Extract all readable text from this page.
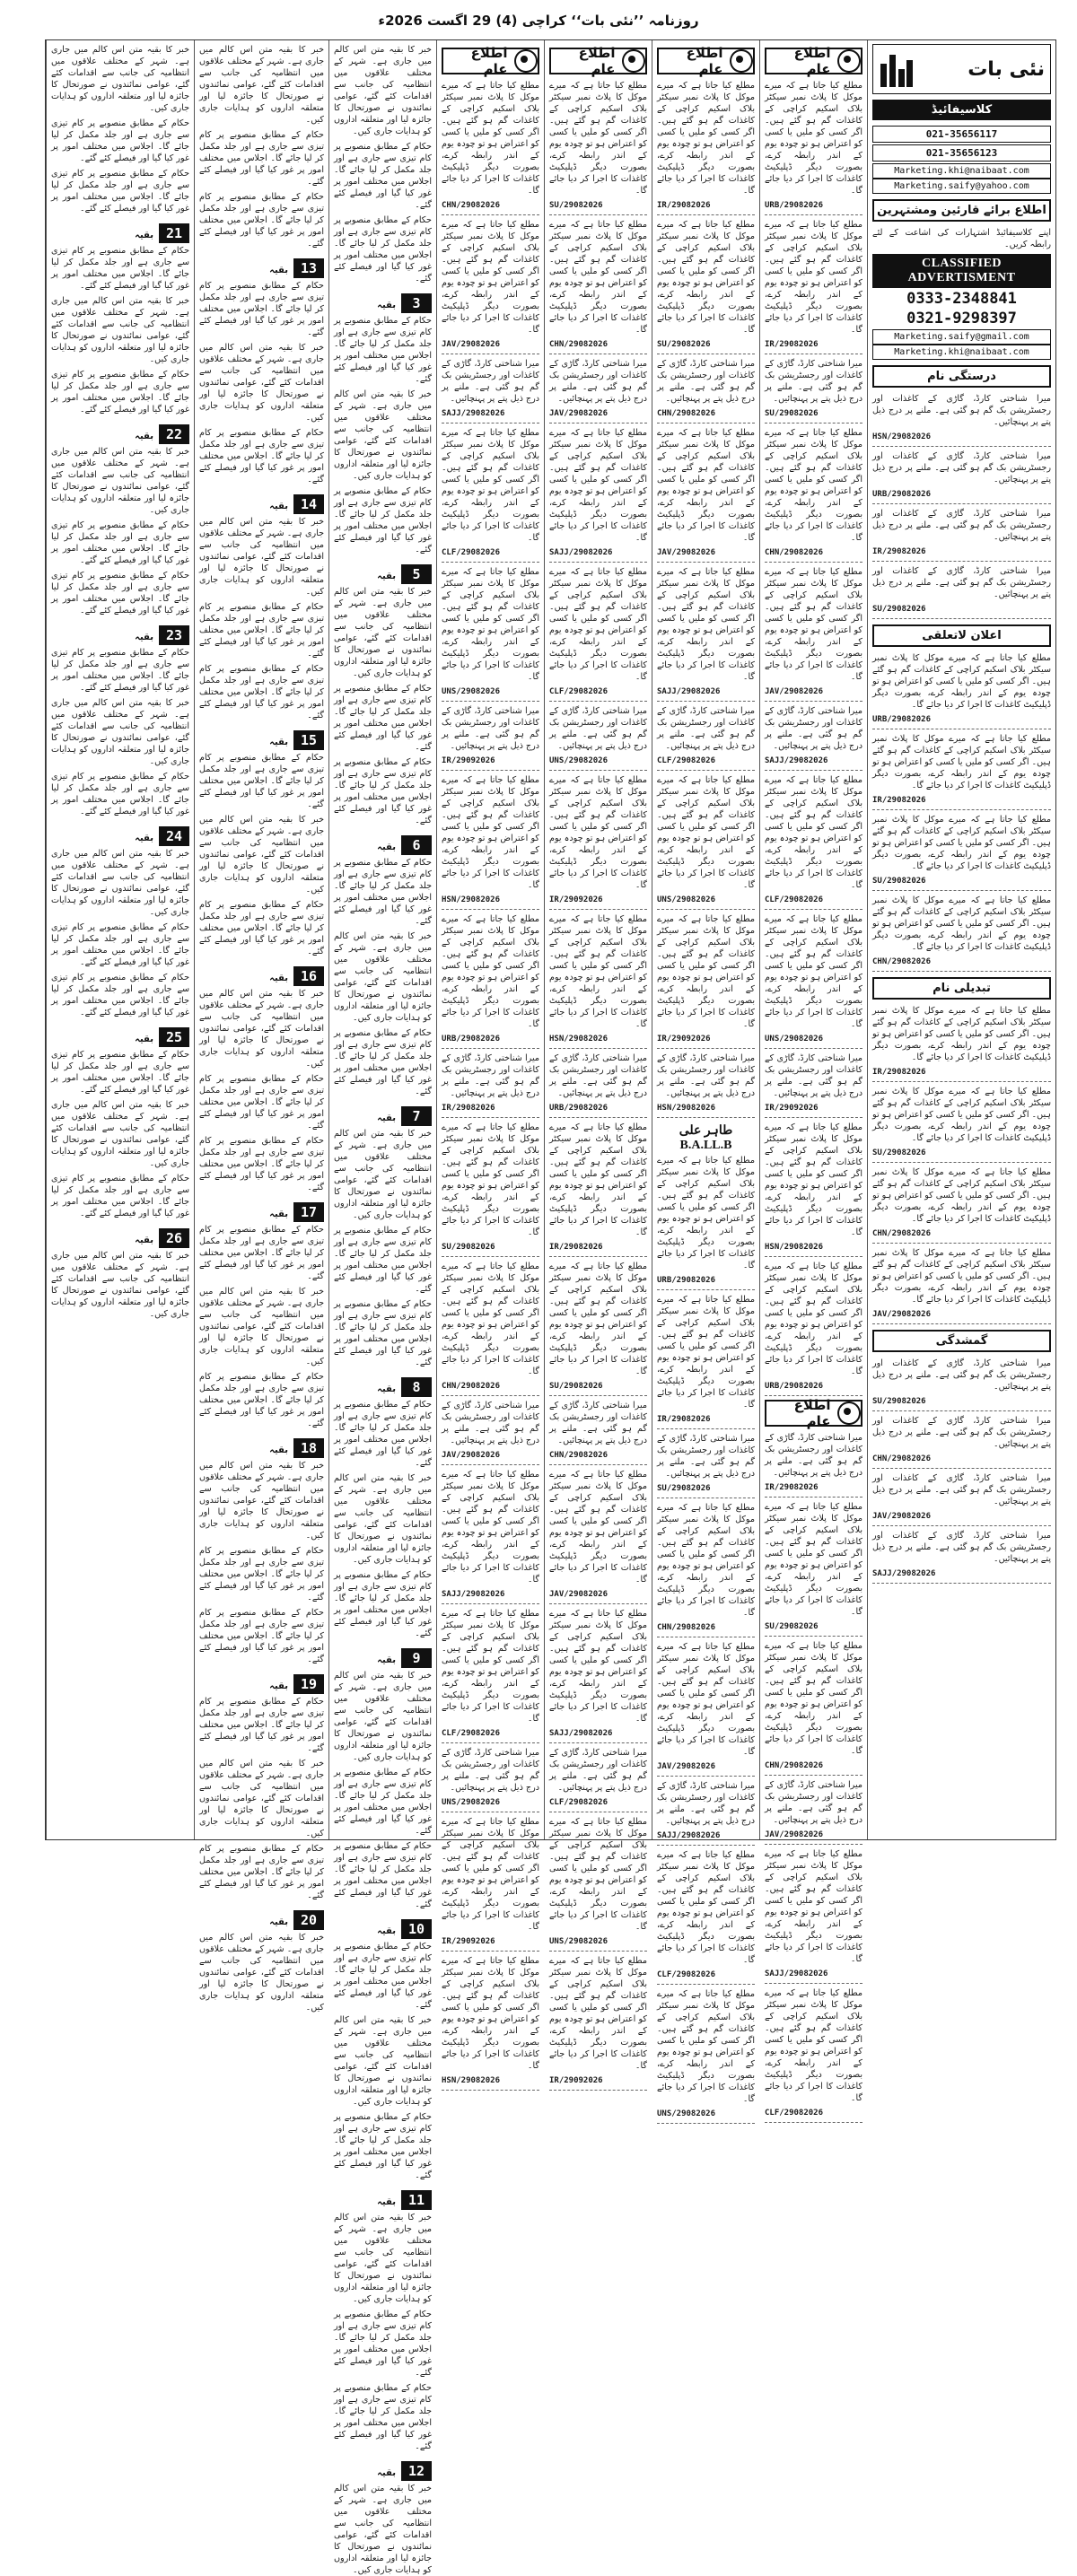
روزنامہ ’’نئی بات‘‘ کراچی (4) 29 اگست 2026ء
نئی بات
کلاسیفائیڈ
021-35656117
021-35656123
Marketing.khi@naibaat.com
Marketing.saify@yahoo.com
اطلاع برائے قارئین ومشتہرین

اپنے کلاسیفائیڈ اشتہارات کی اشاعت کے لئے رابطہ کریں۔

CLASSIFIED ADVERTISMENT
0333-2348841
0321-9298397
Marketing.saify@gmail.com
Marketing.khi@naibaat.com
درستگی نام

میرا شناختی کارڈ، گاڑی کے کاغذات اور رجسٹریشن بک گم ہو گئی ہے۔ ملنے پر درج ذیل پتے پر پہنچائیں۔

HSN/29082026

میرا شناختی کارڈ، گاڑی کے کاغذات اور رجسٹریشن بک گم ہو گئی ہے۔ ملنے پر درج ذیل پتے پر پہنچائیں۔

URB/29082026

میرا شناختی کارڈ، گاڑی کے کاغذات اور رجسٹریشن بک گم ہو گئی ہے۔ ملنے پر درج ذیل پتے پر پہنچائیں۔

IR/29082026

میرا شناختی کارڈ، گاڑی کے کاغذات اور رجسٹریشن بک گم ہو گئی ہے۔ ملنے پر درج ذیل پتے پر پہنچائیں۔

SU/29082026
اعلان لاتعلقی

مطلع کیا جاتا ہے کہ میرے موکل کا پلاٹ نمبر سیکٹر بلاک اسکیم کراچی کے کاغذات گم ہو گئے ہیں۔ اگر کسی کو ملیں یا کسی کو اعتراض ہو تو چودہ یوم کے اندر رابطہ کرے، بصورت دیگر ڈپلیکیٹ کاغذات کا اجرا کر دیا جائے گا۔

URB/29082026

مطلع کیا جاتا ہے کہ میرے موکل کا پلاٹ نمبر سیکٹر بلاک اسکیم کراچی کے کاغذات گم ہو گئے ہیں۔ اگر کسی کو ملیں یا کسی کو اعتراض ہو تو چودہ یوم کے اندر رابطہ کرے، بصورت دیگر ڈپلیکیٹ کاغذات کا اجرا کر دیا جائے گا۔

IR/29082026

مطلع کیا جاتا ہے کہ میرے موکل کا پلاٹ نمبر سیکٹر بلاک اسکیم کراچی کے کاغذات گم ہو گئے ہیں۔ اگر کسی کو ملیں یا کسی کو اعتراض ہو تو چودہ یوم کے اندر رابطہ کرے، بصورت دیگر ڈپلیکیٹ کاغذات کا اجرا کر دیا جائے گا۔

SU/29082026

مطلع کیا جاتا ہے کہ میرے موکل کا پلاٹ نمبر سیکٹر بلاک اسکیم کراچی کے کاغذات گم ہو گئے ہیں۔ اگر کسی کو ملیں یا کسی کو اعتراض ہو تو چودہ یوم کے اندر رابطہ کرے، بصورت دیگر ڈپلیکیٹ کاغذات کا اجرا کر دیا جائے گا۔

CHN/29082026
تبدیلی نام

مطلع کیا جاتا ہے کہ میرے موکل کا پلاٹ نمبر سیکٹر بلاک اسکیم کراچی کے کاغذات گم ہو گئے ہیں۔ اگر کسی کو ملیں یا کسی کو اعتراض ہو تو چودہ یوم کے اندر رابطہ کرے، بصورت دیگر ڈپلیکیٹ کاغذات کا اجرا کر دیا جائے گا۔

IR/29082026

مطلع کیا جاتا ہے کہ میرے موکل کا پلاٹ نمبر سیکٹر بلاک اسکیم کراچی کے کاغذات گم ہو گئے ہیں۔ اگر کسی کو ملیں یا کسی کو اعتراض ہو تو چودہ یوم کے اندر رابطہ کرے، بصورت دیگر ڈپلیکیٹ کاغذات کا اجرا کر دیا جائے گا۔

SU/29082026

مطلع کیا جاتا ہے کہ میرے موکل کا پلاٹ نمبر سیکٹر بلاک اسکیم کراچی کے کاغذات گم ہو گئے ہیں۔ اگر کسی کو ملیں یا کسی کو اعتراض ہو تو چودہ یوم کے اندر رابطہ کرے، بصورت دیگر ڈپلیکیٹ کاغذات کا اجرا کر دیا جائے گا۔

CHN/29082026

مطلع کیا جاتا ہے کہ میرے موکل کا پلاٹ نمبر سیکٹر بلاک اسکیم کراچی کے کاغذات گم ہو گئے ہیں۔ اگر کسی کو ملیں یا کسی کو اعتراض ہو تو چودہ یوم کے اندر رابطہ کرے، بصورت دیگر ڈپلیکیٹ کاغذات کا اجرا کر دیا جائے گا۔

JAV/29082026
گمشدگی

میرا شناختی کارڈ، گاڑی کے کاغذات اور رجسٹریشن بک گم ہو گئی ہے۔ ملنے پر درج ذیل پتے پر پہنچائیں۔

SU/29082026

میرا شناختی کارڈ، گاڑی کے کاغذات اور رجسٹریشن بک گم ہو گئی ہے۔ ملنے پر درج ذیل پتے پر پہنچائیں۔

CHN/29082026

میرا شناختی کارڈ، گاڑی کے کاغذات اور رجسٹریشن بک گم ہو گئی ہے۔ ملنے پر درج ذیل پتے پر پہنچائیں۔

JAV/29082026

میرا شناختی کارڈ، گاڑی کے کاغذات اور رجسٹریشن بک گم ہو گئی ہے۔ ملنے پر درج ذیل پتے پر پہنچائیں۔

SAJJ/29082026
اطلاع عام

مطلع کیا جاتا ہے کہ میرے موکل کا پلاٹ نمبر سیکٹر بلاک اسکیم کراچی کے کاغذات گم ہو گئے ہیں۔ اگر کسی کو ملیں یا کسی کو اعتراض ہو تو چودہ یوم کے اندر رابطہ کرے، بصورت دیگر ڈپلیکیٹ کاغذات کا اجرا کر دیا جائے گا۔

URB/29082026

مطلع کیا جاتا ہے کہ میرے موکل کا پلاٹ نمبر سیکٹر بلاک اسکیم کراچی کے کاغذات گم ہو گئے ہیں۔ اگر کسی کو ملیں یا کسی کو اعتراض ہو تو چودہ یوم کے اندر رابطہ کرے، بصورت دیگر ڈپلیکیٹ کاغذات کا اجرا کر دیا جائے گا۔

IR/29082026

میرا شناختی کارڈ، گاڑی کے کاغذات اور رجسٹریشن بک گم ہو گئی ہے۔ ملنے پر درج ذیل پتے پر پہنچائیں۔

SU/29082026

مطلع کیا جاتا ہے کہ میرے موکل کا پلاٹ نمبر سیکٹر بلاک اسکیم کراچی کے کاغذات گم ہو گئے ہیں۔ اگر کسی کو ملیں یا کسی کو اعتراض ہو تو چودہ یوم کے اندر رابطہ کرے، بصورت دیگر ڈپلیکیٹ کاغذات کا اجرا کر دیا جائے گا۔

CHN/29082026

مطلع کیا جاتا ہے کہ میرے موکل کا پلاٹ نمبر سیکٹر بلاک اسکیم کراچی کے کاغذات گم ہو گئے ہیں۔ اگر کسی کو ملیں یا کسی کو اعتراض ہو تو چودہ یوم کے اندر رابطہ کرے، بصورت دیگر ڈپلیکیٹ کاغذات کا اجرا کر دیا جائے گا۔

JAV/29082026

میرا شناختی کارڈ، گاڑی کے کاغذات اور رجسٹریشن بک گم ہو گئی ہے۔ ملنے پر درج ذیل پتے پر پہنچائیں۔

SAJJ/29082026

مطلع کیا جاتا ہے کہ میرے موکل کا پلاٹ نمبر سیکٹر بلاک اسکیم کراچی کے کاغذات گم ہو گئے ہیں۔ اگر کسی کو ملیں یا کسی کو اعتراض ہو تو چودہ یوم کے اندر رابطہ کرے، بصورت دیگر ڈپلیکیٹ کاغذات کا اجرا کر دیا جائے گا۔

CLF/29082026

مطلع کیا جاتا ہے کہ میرے موکل کا پلاٹ نمبر سیکٹر بلاک اسکیم کراچی کے کاغذات گم ہو گئے ہیں۔ اگر کسی کو ملیں یا کسی کو اعتراض ہو تو چودہ یوم کے اندر رابطہ کرے، بصورت دیگر ڈپلیکیٹ کاغذات کا اجرا کر دیا جائے گا۔

UNS/29082026

میرا شناختی کارڈ، گاڑی کے کاغذات اور رجسٹریشن بک گم ہو گئی ہے۔ ملنے پر درج ذیل پتے پر پہنچائیں۔

IR/29092026

مطلع کیا جاتا ہے کہ میرے موکل کا پلاٹ نمبر سیکٹر بلاک اسکیم کراچی کے کاغذات گم ہو گئے ہیں۔ اگر کسی کو ملیں یا کسی کو اعتراض ہو تو چودہ یوم کے اندر رابطہ کرے، بصورت دیگر ڈپلیکیٹ کاغذات کا اجرا کر دیا جائے گا۔

HSN/29082026

مطلع کیا جاتا ہے کہ میرے موکل کا پلاٹ نمبر سیکٹر بلاک اسکیم کراچی کے کاغذات گم ہو گئے ہیں۔ اگر کسی کو ملیں یا کسی کو اعتراض ہو تو چودہ یوم کے اندر رابطہ کرے، بصورت دیگر ڈپلیکیٹ کاغذات کا اجرا کر دیا جائے گا۔

URB/29082026
اطلاع عام

میرا شناختی کارڈ، گاڑی کے کاغذات اور رجسٹریشن بک گم ہو گئی ہے۔ ملنے پر درج ذیل پتے پر پہنچائیں۔

IR/29082026

مطلع کیا جاتا ہے کہ میرے موکل کا پلاٹ نمبر سیکٹر بلاک اسکیم کراچی کے کاغذات گم ہو گئے ہیں۔ اگر کسی کو ملیں یا کسی کو اعتراض ہو تو چودہ یوم کے اندر رابطہ کرے، بصورت دیگر ڈپلیکیٹ کاغذات کا اجرا کر دیا جائے گا۔

SU/29082026

مطلع کیا جاتا ہے کہ میرے موکل کا پلاٹ نمبر سیکٹر بلاک اسکیم کراچی کے کاغذات گم ہو گئے ہیں۔ اگر کسی کو ملیں یا کسی کو اعتراض ہو تو چودہ یوم کے اندر رابطہ کرے، بصورت دیگر ڈپلیکیٹ کاغذات کا اجرا کر دیا جائے گا۔

CHN/29082026

میرا شناختی کارڈ، گاڑی کے کاغذات اور رجسٹریشن بک گم ہو گئی ہے۔ ملنے پر درج ذیل پتے پر پہنچائیں۔

JAV/29082026

مطلع کیا جاتا ہے کہ میرے موکل کا پلاٹ نمبر سیکٹر بلاک اسکیم کراچی کے کاغذات گم ہو گئے ہیں۔ اگر کسی کو ملیں یا کسی کو اعتراض ہو تو چودہ یوم کے اندر رابطہ کرے، بصورت دیگر ڈپلیکیٹ کاغذات کا اجرا کر دیا جائے گا۔

SAJJ/29082026

مطلع کیا جاتا ہے کہ میرے موکل کا پلاٹ نمبر سیکٹر بلاک اسکیم کراچی کے کاغذات گم ہو گئے ہیں۔ اگر کسی کو ملیں یا کسی کو اعتراض ہو تو چودہ یوم کے اندر رابطہ کرے، بصورت دیگر ڈپلیکیٹ کاغذات کا اجرا کر دیا جائے گا۔

CLF/29082026
اطلاع عام

مطلع کیا جاتا ہے کہ میرے موکل کا پلاٹ نمبر سیکٹر بلاک اسکیم کراچی کے کاغذات گم ہو گئے ہیں۔ اگر کسی کو ملیں یا کسی کو اعتراض ہو تو چودہ یوم کے اندر رابطہ کرے، بصورت دیگر ڈپلیکیٹ کاغذات کا اجرا کر دیا جائے گا۔

IR/29082026

مطلع کیا جاتا ہے کہ میرے موکل کا پلاٹ نمبر سیکٹر بلاک اسکیم کراچی کے کاغذات گم ہو گئے ہیں۔ اگر کسی کو ملیں یا کسی کو اعتراض ہو تو چودہ یوم کے اندر رابطہ کرے، بصورت دیگر ڈپلیکیٹ کاغذات کا اجرا کر دیا جائے گا۔

SU/29082026

میرا شناختی کارڈ، گاڑی کے کاغذات اور رجسٹریشن بک گم ہو گئی ہے۔ ملنے پر درج ذیل پتے پر پہنچائیں۔

CHN/29082026

مطلع کیا جاتا ہے کہ میرے موکل کا پلاٹ نمبر سیکٹر بلاک اسکیم کراچی کے کاغذات گم ہو گئے ہیں۔ اگر کسی کو ملیں یا کسی کو اعتراض ہو تو چودہ یوم کے اندر رابطہ کرے، بصورت دیگر ڈپلیکیٹ کاغذات کا اجرا کر دیا جائے گا۔

JAV/29082026

مطلع کیا جاتا ہے کہ میرے موکل کا پلاٹ نمبر سیکٹر بلاک اسکیم کراچی کے کاغذات گم ہو گئے ہیں۔ اگر کسی کو ملیں یا کسی کو اعتراض ہو تو چودہ یوم کے اندر رابطہ کرے، بصورت دیگر ڈپلیکیٹ کاغذات کا اجرا کر دیا جائے گا۔

SAJJ/29082026

میرا شناختی کارڈ، گاڑی کے کاغذات اور رجسٹریشن بک گم ہو گئی ہے۔ ملنے پر درج ذیل پتے پر پہنچائیں۔

CLF/29082026

مطلع کیا جاتا ہے کہ میرے موکل کا پلاٹ نمبر سیکٹر بلاک اسکیم کراچی کے کاغذات گم ہو گئے ہیں۔ اگر کسی کو ملیں یا کسی کو اعتراض ہو تو چودہ یوم کے اندر رابطہ کرے، بصورت دیگر ڈپلیکیٹ کاغذات کا اجرا کر دیا جائے گا۔

UNS/29082026

مطلع کیا جاتا ہے کہ میرے موکل کا پلاٹ نمبر سیکٹر بلاک اسکیم کراچی کے کاغذات گم ہو گئے ہیں۔ اگر کسی کو ملیں یا کسی کو اعتراض ہو تو چودہ یوم کے اندر رابطہ کرے، بصورت دیگر ڈپلیکیٹ کاغذات کا اجرا کر دیا جائے گا۔

IR/29092026

میرا شناختی کارڈ، گاڑی کے کاغذات اور رجسٹریشن بک گم ہو گئی ہے۔ ملنے پر درج ذیل پتے پر پہنچائیں۔

HSN/29082026
طاہر علی B.A.LL.B

مطلع کیا جاتا ہے کہ میرے موکل کا پلاٹ نمبر سیکٹر بلاک اسکیم کراچی کے کاغذات گم ہو گئے ہیں۔ اگر کسی کو ملیں یا کسی کو اعتراض ہو تو چودہ یوم کے اندر رابطہ کرے، بصورت دیگر ڈپلیکیٹ کاغذات کا اجرا کر دیا جائے گا۔

URB/29082026

مطلع کیا جاتا ہے کہ میرے موکل کا پلاٹ نمبر سیکٹر بلاک اسکیم کراچی کے کاغذات گم ہو گئے ہیں۔ اگر کسی کو ملیں یا کسی کو اعتراض ہو تو چودہ یوم کے اندر رابطہ کرے، بصورت دیگر ڈپلیکیٹ کاغذات کا اجرا کر دیا جائے گا۔

IR/29082026

میرا شناختی کارڈ، گاڑی کے کاغذات اور رجسٹریشن بک گم ہو گئی ہے۔ ملنے پر درج ذیل پتے پر پہنچائیں۔

SU/29082026

مطلع کیا جاتا ہے کہ میرے موکل کا پلاٹ نمبر سیکٹر بلاک اسکیم کراچی کے کاغذات گم ہو گئے ہیں۔ اگر کسی کو ملیں یا کسی کو اعتراض ہو تو چودہ یوم کے اندر رابطہ کرے، بصورت دیگر ڈپلیکیٹ کاغذات کا اجرا کر دیا جائے گا۔

CHN/29082026

مطلع کیا جاتا ہے کہ میرے موکل کا پلاٹ نمبر سیکٹر بلاک اسکیم کراچی کے کاغذات گم ہو گئے ہیں۔ اگر کسی کو ملیں یا کسی کو اعتراض ہو تو چودہ یوم کے اندر رابطہ کرے، بصورت دیگر ڈپلیکیٹ کاغذات کا اجرا کر دیا جائے گا۔

JAV/29082026

میرا شناختی کارڈ، گاڑی کے کاغذات اور رجسٹریشن بک گم ہو گئی ہے۔ ملنے پر درج ذیل پتے پر پہنچائیں۔

SAJJ/29082026

مطلع کیا جاتا ہے کہ میرے موکل کا پلاٹ نمبر سیکٹر بلاک اسکیم کراچی کے کاغذات گم ہو گئے ہیں۔ اگر کسی کو ملیں یا کسی کو اعتراض ہو تو چودہ یوم کے اندر رابطہ کرے، بصورت دیگر ڈپلیکیٹ کاغذات کا اجرا کر دیا جائے گا۔

CLF/29082026

مطلع کیا جاتا ہے کہ میرے موکل کا پلاٹ نمبر سیکٹر بلاک اسکیم کراچی کے کاغذات گم ہو گئے ہیں۔ اگر کسی کو ملیں یا کسی کو اعتراض ہو تو چودہ یوم کے اندر رابطہ کرے، بصورت دیگر ڈپلیکیٹ کاغذات کا اجرا کر دیا جائے گا۔

UNS/29082026
اطلاع عام

مطلع کیا جاتا ہے کہ میرے موکل کا پلاٹ نمبر سیکٹر بلاک اسکیم کراچی کے کاغذات گم ہو گئے ہیں۔ اگر کسی کو ملیں یا کسی کو اعتراض ہو تو چودہ یوم کے اندر رابطہ کرے، بصورت دیگر ڈپلیکیٹ کاغذات کا اجرا کر دیا جائے گا۔

SU/29082026

مطلع کیا جاتا ہے کہ میرے موکل کا پلاٹ نمبر سیکٹر بلاک اسکیم کراچی کے کاغذات گم ہو گئے ہیں۔ اگر کسی کو ملیں یا کسی کو اعتراض ہو تو چودہ یوم کے اندر رابطہ کرے، بصورت دیگر ڈپلیکیٹ کاغذات کا اجرا کر دیا جائے گا۔

CHN/29082026

میرا شناختی کارڈ، گاڑی کے کاغذات اور رجسٹریشن بک گم ہو گئی ہے۔ ملنے پر درج ذیل پتے پر پہنچائیں۔

JAV/29082026

مطلع کیا جاتا ہے کہ میرے موکل کا پلاٹ نمبر سیکٹر بلاک اسکیم کراچی کے کاغذات گم ہو گئے ہیں۔ اگر کسی کو ملیں یا کسی کو اعتراض ہو تو چودہ یوم کے اندر رابطہ کرے، بصورت دیگر ڈپلیکیٹ کاغذات کا اجرا کر دیا جائے گا۔

SAJJ/29082026

مطلع کیا جاتا ہے کہ میرے موکل کا پلاٹ نمبر سیکٹر بلاک اسکیم کراچی کے کاغذات گم ہو گئے ہیں۔ اگر کسی کو ملیں یا کسی کو اعتراض ہو تو چودہ یوم کے اندر رابطہ کرے، بصورت دیگر ڈپلیکیٹ کاغذات کا اجرا کر دیا جائے گا۔

CLF/29082026

میرا شناختی کارڈ، گاڑی کے کاغذات اور رجسٹریشن بک گم ہو گئی ہے۔ ملنے پر درج ذیل پتے پر پہنچائیں۔

UNS/29082026

مطلع کیا جاتا ہے کہ میرے موکل کا پلاٹ نمبر سیکٹر بلاک اسکیم کراچی کے کاغذات گم ہو گئے ہیں۔ اگر کسی کو ملیں یا کسی کو اعتراض ہو تو چودہ یوم کے اندر رابطہ کرے، بصورت دیگر ڈپلیکیٹ کاغذات کا اجرا کر دیا جائے گا۔

IR/29092026

مطلع کیا جاتا ہے کہ میرے موکل کا پلاٹ نمبر سیکٹر بلاک اسکیم کراچی کے کاغذات گم ہو گئے ہیں۔ اگر کسی کو ملیں یا کسی کو اعتراض ہو تو چودہ یوم کے اندر رابطہ کرے، بصورت دیگر ڈپلیکیٹ کاغذات کا اجرا کر دیا جائے گا۔

HSN/29082026

میرا شناختی کارڈ، گاڑی کے کاغذات اور رجسٹریشن بک گم ہو گئی ہے۔ ملنے پر درج ذیل پتے پر پہنچائیں۔

URB/29082026

مطلع کیا جاتا ہے کہ میرے موکل کا پلاٹ نمبر سیکٹر بلاک اسکیم کراچی کے کاغذات گم ہو گئے ہیں۔ اگر کسی کو ملیں یا کسی کو اعتراض ہو تو چودہ یوم کے اندر رابطہ کرے، بصورت دیگر ڈپلیکیٹ کاغذات کا اجرا کر دیا جائے گا۔

IR/29082026

مطلع کیا جاتا ہے کہ میرے موکل کا پلاٹ نمبر سیکٹر بلاک اسکیم کراچی کے کاغذات گم ہو گئے ہیں۔ اگر کسی کو ملیں یا کسی کو اعتراض ہو تو چودہ یوم کے اندر رابطہ کرے، بصورت دیگر ڈپلیکیٹ کاغذات کا اجرا کر دیا جائے گا۔

SU/29082026

میرا شناختی کارڈ، گاڑی کے کاغذات اور رجسٹریشن بک گم ہو گئی ہے۔ ملنے پر درج ذیل پتے پر پہنچائیں۔

CHN/29082026

مطلع کیا جاتا ہے کہ میرے موکل کا پلاٹ نمبر سیکٹر بلاک اسکیم کراچی کے کاغذات گم ہو گئے ہیں۔ اگر کسی کو ملیں یا کسی کو اعتراض ہو تو چودہ یوم کے اندر رابطہ کرے، بصورت دیگر ڈپلیکیٹ کاغذات کا اجرا کر دیا جائے گا۔

JAV/29082026

مطلع کیا جاتا ہے کہ میرے موکل کا پلاٹ نمبر سیکٹر بلاک اسکیم کراچی کے کاغذات گم ہو گئے ہیں۔ اگر کسی کو ملیں یا کسی کو اعتراض ہو تو چودہ یوم کے اندر رابطہ کرے، بصورت دیگر ڈپلیکیٹ کاغذات کا اجرا کر دیا جائے گا۔

SAJJ/29082026

میرا شناختی کارڈ، گاڑی کے کاغذات اور رجسٹریشن بک گم ہو گئی ہے۔ ملنے پر درج ذیل پتے پر پہنچائیں۔

CLF/29082026

مطلع کیا جاتا ہے کہ میرے موکل کا پلاٹ نمبر سیکٹر بلاک اسکیم کراچی کے کاغذات گم ہو گئے ہیں۔ اگر کسی کو ملیں یا کسی کو اعتراض ہو تو چودہ یوم کے اندر رابطہ کرے، بصورت دیگر ڈپلیکیٹ کاغذات کا اجرا کر دیا جائے گا۔

UNS/29082026

مطلع کیا جاتا ہے کہ میرے موکل کا پلاٹ نمبر سیکٹر بلاک اسکیم کراچی کے کاغذات گم ہو گئے ہیں۔ اگر کسی کو ملیں یا کسی کو اعتراض ہو تو چودہ یوم کے اندر رابطہ کرے، بصورت دیگر ڈپلیکیٹ کاغذات کا اجرا کر دیا جائے گا۔

IR/29092026
اطلاع عام

مطلع کیا جاتا ہے کہ میرے موکل کا پلاٹ نمبر سیکٹر بلاک اسکیم کراچی کے کاغذات گم ہو گئے ہیں۔ اگر کسی کو ملیں یا کسی کو اعتراض ہو تو چودہ یوم کے اندر رابطہ کرے، بصورت دیگر ڈپلیکیٹ کاغذات کا اجرا کر دیا جائے گا۔

CHN/29082026

مطلع کیا جاتا ہے کہ میرے موکل کا پلاٹ نمبر سیکٹر بلاک اسکیم کراچی کے کاغذات گم ہو گئے ہیں۔ اگر کسی کو ملیں یا کسی کو اعتراض ہو تو چودہ یوم کے اندر رابطہ کرے، بصورت دیگر ڈپلیکیٹ کاغذات کا اجرا کر دیا جائے گا۔

JAV/29082026

میرا شناختی کارڈ، گاڑی کے کاغذات اور رجسٹریشن بک گم ہو گئی ہے۔ ملنے پر درج ذیل پتے پر پہنچائیں۔

SAJJ/29082026

مطلع کیا جاتا ہے کہ میرے موکل کا پلاٹ نمبر سیکٹر بلاک اسکیم کراچی کے کاغذات گم ہو گئے ہیں۔ اگر کسی کو ملیں یا کسی کو اعتراض ہو تو چودہ یوم کے اندر رابطہ کرے، بصورت دیگر ڈپلیکیٹ کاغذات کا اجرا کر دیا جائے گا۔

CLF/29082026

مطلع کیا جاتا ہے کہ میرے موکل کا پلاٹ نمبر سیکٹر بلاک اسکیم کراچی کے کاغذات گم ہو گئے ہیں۔ اگر کسی کو ملیں یا کسی کو اعتراض ہو تو چودہ یوم کے اندر رابطہ کرے، بصورت دیگر ڈپلیکیٹ کاغذات کا اجرا کر دیا جائے گا۔

UNS/29082026

میرا شناختی کارڈ، گاڑی کے کاغذات اور رجسٹریشن بک گم ہو گئی ہے۔ ملنے پر درج ذیل پتے پر پہنچائیں۔

IR/29092026

مطلع کیا جاتا ہے کہ میرے موکل کا پلاٹ نمبر سیکٹر بلاک اسکیم کراچی کے کاغذات گم ہو گئے ہیں۔ اگر کسی کو ملیں یا کسی کو اعتراض ہو تو چودہ یوم کے اندر رابطہ کرے، بصورت دیگر ڈپلیکیٹ کاغذات کا اجرا کر دیا جائے گا۔

HSN/29082026

مطلع کیا جاتا ہے کہ میرے موکل کا پلاٹ نمبر سیکٹر بلاک اسکیم کراچی کے کاغذات گم ہو گئے ہیں۔ اگر کسی کو ملیں یا کسی کو اعتراض ہو تو چودہ یوم کے اندر رابطہ کرے، بصورت دیگر ڈپلیکیٹ کاغذات کا اجرا کر دیا جائے گا۔

URB/29082026

میرا شناختی کارڈ، گاڑی کے کاغذات اور رجسٹریشن بک گم ہو گئی ہے۔ ملنے پر درج ذیل پتے پر پہنچائیں۔

IR/29082026

مطلع کیا جاتا ہے کہ میرے موکل کا پلاٹ نمبر سیکٹر بلاک اسکیم کراچی کے کاغذات گم ہو گئے ہیں۔ اگر کسی کو ملیں یا کسی کو اعتراض ہو تو چودہ یوم کے اندر رابطہ کرے، بصورت دیگر ڈپلیکیٹ کاغذات کا اجرا کر دیا جائے گا۔

SU/29082026

مطلع کیا جاتا ہے کہ میرے موکل کا پلاٹ نمبر سیکٹر بلاک اسکیم کراچی کے کاغذات گم ہو گئے ہیں۔ اگر کسی کو ملیں یا کسی کو اعتراض ہو تو چودہ یوم کے اندر رابطہ کرے، بصورت دیگر ڈپلیکیٹ کاغذات کا اجرا کر دیا جائے گا۔

CHN/29082026

میرا شناختی کارڈ، گاڑی کے کاغذات اور رجسٹریشن بک گم ہو گئی ہے۔ ملنے پر درج ذیل پتے پر پہنچائیں۔

JAV/29082026

مطلع کیا جاتا ہے کہ میرے موکل کا پلاٹ نمبر سیکٹر بلاک اسکیم کراچی کے کاغذات گم ہو گئے ہیں۔ اگر کسی کو ملیں یا کسی کو اعتراض ہو تو چودہ یوم کے اندر رابطہ کرے، بصورت دیگر ڈپلیکیٹ کاغذات کا اجرا کر دیا جائے گا۔

SAJJ/29082026

مطلع کیا جاتا ہے کہ میرے موکل کا پلاٹ نمبر سیکٹر بلاک اسکیم کراچی کے کاغذات گم ہو گئے ہیں۔ اگر کسی کو ملیں یا کسی کو اعتراض ہو تو چودہ یوم کے اندر رابطہ کرے، بصورت دیگر ڈپلیکیٹ کاغذات کا اجرا کر دیا جائے گا۔

CLF/29082026

میرا شناختی کارڈ، گاڑی کے کاغذات اور رجسٹریشن بک گم ہو گئی ہے۔ ملنے پر درج ذیل پتے پر پہنچائیں۔

UNS/29082026

مطلع کیا جاتا ہے کہ میرے موکل کا پلاٹ نمبر سیکٹر بلاک اسکیم کراچی کے کاغذات گم ہو گئے ہیں۔ اگر کسی کو ملیں یا کسی کو اعتراض ہو تو چودہ یوم کے اندر رابطہ کرے، بصورت دیگر ڈپلیکیٹ کاغذات کا اجرا کر دیا جائے گا۔

IR/29092026

مطلع کیا جاتا ہے کہ میرے موکل کا پلاٹ نمبر سیکٹر بلاک اسکیم کراچی کے کاغذات گم ہو گئے ہیں۔ اگر کسی کو ملیں یا کسی کو اعتراض ہو تو چودہ یوم کے اندر رابطہ کرے، بصورت دیگر ڈپلیکیٹ کاغذات کا اجرا کر دیا جائے گا۔

HSN/29082026

خبر کا بقیہ متن اس کالم میں جاری ہے۔ شہر کے مختلف علاقوں میں انتظامیہ کی جانب سے اقدامات کئے گئے، عوامی نمائندوں نے صورتحال کا جائزہ لیا اور متعلقہ اداروں کو ہدایات جاری کیں۔

حکام کے مطابق منصوبے پر کام تیزی سے جاری ہے اور جلد مکمل کر لیا جائے گا۔ اجلاس میں مختلف امور پر غور کیا گیا اور فیصلے کئے گئے۔

حکام کے مطابق منصوبے پر کام تیزی سے جاری ہے اور جلد مکمل کر لیا جائے گا۔ اجلاس میں مختلف امور پر غور کیا گیا اور فیصلے کئے گئے۔

3بقیہ

حکام کے مطابق منصوبے پر کام تیزی سے جاری ہے اور جلد مکمل کر لیا جائے گا۔ اجلاس میں مختلف امور پر غور کیا گیا اور فیصلے کئے گئے۔

خبر کا بقیہ متن اس کالم میں جاری ہے۔ شہر کے مختلف علاقوں میں انتظامیہ کی جانب سے اقدامات کئے گئے، عوامی نمائندوں نے صورتحال کا جائزہ لیا اور متعلقہ اداروں کو ہدایات جاری کیں۔

حکام کے مطابق منصوبے پر کام تیزی سے جاری ہے اور جلد مکمل کر لیا جائے گا۔ اجلاس میں مختلف امور پر غور کیا گیا اور فیصلے کئے گئے۔

5بقیہ

خبر کا بقیہ متن اس کالم میں جاری ہے۔ شہر کے مختلف علاقوں میں انتظامیہ کی جانب سے اقدامات کئے گئے، عوامی نمائندوں نے صورتحال کا جائزہ لیا اور متعلقہ اداروں کو ہدایات جاری کیں۔

حکام کے مطابق منصوبے پر کام تیزی سے جاری ہے اور جلد مکمل کر لیا جائے گا۔ اجلاس میں مختلف امور پر غور کیا گیا اور فیصلے کئے گئے۔

حکام کے مطابق منصوبے پر کام تیزی سے جاری ہے اور جلد مکمل کر لیا جائے گا۔ اجلاس میں مختلف امور پر غور کیا گیا اور فیصلے کئے گئے۔

6بقیہ

حکام کے مطابق منصوبے پر کام تیزی سے جاری ہے اور جلد مکمل کر لیا جائے گا۔ اجلاس میں مختلف امور پر غور کیا گیا اور فیصلے کئے گئے۔

خبر کا بقیہ متن اس کالم میں جاری ہے۔ شہر کے مختلف علاقوں میں انتظامیہ کی جانب سے اقدامات کئے گئے، عوامی نمائندوں نے صورتحال کا جائزہ لیا اور متعلقہ اداروں کو ہدایات جاری کیں۔

حکام کے مطابق منصوبے پر کام تیزی سے جاری ہے اور جلد مکمل کر لیا جائے گا۔ اجلاس میں مختلف امور پر غور کیا گیا اور فیصلے کئے گئے۔

7بقیہ

خبر کا بقیہ متن اس کالم میں جاری ہے۔ شہر کے مختلف علاقوں میں انتظامیہ کی جانب سے اقدامات کئے گئے، عوامی نمائندوں نے صورتحال کا جائزہ لیا اور متعلقہ اداروں کو ہدایات جاری کیں۔

حکام کے مطابق منصوبے پر کام تیزی سے جاری ہے اور جلد مکمل کر لیا جائے گا۔ اجلاس میں مختلف امور پر غور کیا گیا اور فیصلے کئے گئے۔

حکام کے مطابق منصوبے پر کام تیزی سے جاری ہے اور جلد مکمل کر لیا جائے گا۔ اجلاس میں مختلف امور پر غور کیا گیا اور فیصلے کئے گئے۔

8بقیہ

حکام کے مطابق منصوبے پر کام تیزی سے جاری ہے اور جلد مکمل کر لیا جائے گا۔ اجلاس میں مختلف امور پر غور کیا گیا اور فیصلے کئے گئے۔

خبر کا بقیہ متن اس کالم میں جاری ہے۔ شہر کے مختلف علاقوں میں انتظامیہ کی جانب سے اقدامات کئے گئے، عوامی نمائندوں نے صورتحال کا جائزہ لیا اور متعلقہ اداروں کو ہدایات جاری کیں۔

حکام کے مطابق منصوبے پر کام تیزی سے جاری ہے اور جلد مکمل کر لیا جائے گا۔ اجلاس میں مختلف امور پر غور کیا گیا اور فیصلے کئے گئے۔

9بقیہ

خبر کا بقیہ متن اس کالم میں جاری ہے۔ شہر کے مختلف علاقوں میں انتظامیہ کی جانب سے اقدامات کئے گئے، عوامی نمائندوں نے صورتحال کا جائزہ لیا اور متعلقہ اداروں کو ہدایات جاری کیں۔

حکام کے مطابق منصوبے پر کام تیزی سے جاری ہے اور جلد مکمل کر لیا جائے گا۔ اجلاس میں مختلف امور پر غور کیا گیا اور فیصلے کئے گئے۔

حکام کے مطابق منصوبے پر کام تیزی سے جاری ہے اور جلد مکمل کر لیا جائے گا۔ اجلاس میں مختلف امور پر غور کیا گیا اور فیصلے کئے گئے۔

10بقیہ

حکام کے مطابق منصوبے پر کام تیزی سے جاری ہے اور جلد مکمل کر لیا جائے گا۔ اجلاس میں مختلف امور پر غور کیا گیا اور فیصلے کئے گئے۔

خبر کا بقیہ متن اس کالم میں جاری ہے۔ شہر کے مختلف علاقوں میں انتظامیہ کی جانب سے اقدامات کئے گئے، عوامی نمائندوں نے صورتحال کا جائزہ لیا اور متعلقہ اداروں کو ہدایات جاری کیں۔

حکام کے مطابق منصوبے پر کام تیزی سے جاری ہے اور جلد مکمل کر لیا جائے گا۔ اجلاس میں مختلف امور پر غور کیا گیا اور فیصلے کئے گئے۔

11بقیہ

خبر کا بقیہ متن اس کالم میں جاری ہے۔ شہر کے مختلف علاقوں میں انتظامیہ کی جانب سے اقدامات کئے گئے، عوامی نمائندوں نے صورتحال کا جائزہ لیا اور متعلقہ اداروں کو ہدایات جاری کیں۔

حکام کے مطابق منصوبے پر کام تیزی سے جاری ہے اور جلد مکمل کر لیا جائے گا۔ اجلاس میں مختلف امور پر غور کیا گیا اور فیصلے کئے گئے۔

حکام کے مطابق منصوبے پر کام تیزی سے جاری ہے اور جلد مکمل کر لیا جائے گا۔ اجلاس میں مختلف امور پر غور کیا گیا اور فیصلے کئے گئے۔

12بقیہ

خبر کا بقیہ متن اس کالم میں جاری ہے۔ شہر کے مختلف علاقوں میں انتظامیہ کی جانب سے اقدامات کئے گئے، عوامی نمائندوں نے صورتحال کا جائزہ لیا اور متعلقہ اداروں کو ہدایات جاری کیں۔

خبر کا بقیہ متن اس کالم میں جاری ہے۔ شہر کے مختلف علاقوں میں انتظامیہ کی جانب سے اقدامات کئے گئے، عوامی نمائندوں نے صورتحال کا جائزہ لیا اور متعلقہ اداروں کو ہدایات جاری کیں۔

حکام کے مطابق منصوبے پر کام تیزی سے جاری ہے اور جلد مکمل کر لیا جائے گا۔ اجلاس میں مختلف امور پر غور کیا گیا اور فیصلے کئے گئے۔

حکام کے مطابق منصوبے پر کام تیزی سے جاری ہے اور جلد مکمل کر لیا جائے گا۔ اجلاس میں مختلف امور پر غور کیا گیا اور فیصلے کئے گئے۔

13بقیہ

حکام کے مطابق منصوبے پر کام تیزی سے جاری ہے اور جلد مکمل کر لیا جائے گا۔ اجلاس میں مختلف امور پر غور کیا گیا اور فیصلے کئے گئے۔

خبر کا بقیہ متن اس کالم میں جاری ہے۔ شہر کے مختلف علاقوں میں انتظامیہ کی جانب سے اقدامات کئے گئے، عوامی نمائندوں نے صورتحال کا جائزہ لیا اور متعلقہ اداروں کو ہدایات جاری کیں۔

حکام کے مطابق منصوبے پر کام تیزی سے جاری ہے اور جلد مکمل کر لیا جائے گا۔ اجلاس میں مختلف امور پر غور کیا گیا اور فیصلے کئے گئے۔

14بقیہ

خبر کا بقیہ متن اس کالم میں جاری ہے۔ شہر کے مختلف علاقوں میں انتظامیہ کی جانب سے اقدامات کئے گئے، عوامی نمائندوں نے صورتحال کا جائزہ لیا اور متعلقہ اداروں کو ہدایات جاری کیں۔

حکام کے مطابق منصوبے پر کام تیزی سے جاری ہے اور جلد مکمل کر لیا جائے گا۔ اجلاس میں مختلف امور پر غور کیا گیا اور فیصلے کئے گئے۔

حکام کے مطابق منصوبے پر کام تیزی سے جاری ہے اور جلد مکمل کر لیا جائے گا۔ اجلاس میں مختلف امور پر غور کیا گیا اور فیصلے کئے گئے۔

15بقیہ

حکام کے مطابق منصوبے پر کام تیزی سے جاری ہے اور جلد مکمل کر لیا جائے گا۔ اجلاس میں مختلف امور پر غور کیا گیا اور فیصلے کئے گئے۔

خبر کا بقیہ متن اس کالم میں جاری ہے۔ شہر کے مختلف علاقوں میں انتظامیہ کی جانب سے اقدامات کئے گئے، عوامی نمائندوں نے صورتحال کا جائزہ لیا اور متعلقہ اداروں کو ہدایات جاری کیں۔

حکام کے مطابق منصوبے پر کام تیزی سے جاری ہے اور جلد مکمل کر لیا جائے گا۔ اجلاس میں مختلف امور پر غور کیا گیا اور فیصلے کئے گئے۔

16بقیہ

خبر کا بقیہ متن اس کالم میں جاری ہے۔ شہر کے مختلف علاقوں میں انتظامیہ کی جانب سے اقدامات کئے گئے، عوامی نمائندوں نے صورتحال کا جائزہ لیا اور متعلقہ اداروں کو ہدایات جاری کیں۔

حکام کے مطابق منصوبے پر کام تیزی سے جاری ہے اور جلد مکمل کر لیا جائے گا۔ اجلاس میں مختلف امور پر غور کیا گیا اور فیصلے کئے گئے۔

حکام کے مطابق منصوبے پر کام تیزی سے جاری ہے اور جلد مکمل کر لیا جائے گا۔ اجلاس میں مختلف امور پر غور کیا گیا اور فیصلے کئے گئے۔

17بقیہ

حکام کے مطابق منصوبے پر کام تیزی سے جاری ہے اور جلد مکمل کر لیا جائے گا۔ اجلاس میں مختلف امور پر غور کیا گیا اور فیصلے کئے گئے۔

خبر کا بقیہ متن اس کالم میں جاری ہے۔ شہر کے مختلف علاقوں میں انتظامیہ کی جانب سے اقدامات کئے گئے، عوامی نمائندوں نے صورتحال کا جائزہ لیا اور متعلقہ اداروں کو ہدایات جاری کیں۔

حکام کے مطابق منصوبے پر کام تیزی سے جاری ہے اور جلد مکمل کر لیا جائے گا۔ اجلاس میں مختلف امور پر غور کیا گیا اور فیصلے کئے گئے۔

18بقیہ

خبر کا بقیہ متن اس کالم میں جاری ہے۔ شہر کے مختلف علاقوں میں انتظامیہ کی جانب سے اقدامات کئے گئے، عوامی نمائندوں نے صورتحال کا جائزہ لیا اور متعلقہ اداروں کو ہدایات جاری کیں۔

حکام کے مطابق منصوبے پر کام تیزی سے جاری ہے اور جلد مکمل کر لیا جائے گا۔ اجلاس میں مختلف امور پر غور کیا گیا اور فیصلے کئے گئے۔

حکام کے مطابق منصوبے پر کام تیزی سے جاری ہے اور جلد مکمل کر لیا جائے گا۔ اجلاس میں مختلف امور پر غور کیا گیا اور فیصلے کئے گئے۔

19بقیہ

حکام کے مطابق منصوبے پر کام تیزی سے جاری ہے اور جلد مکمل کر لیا جائے گا۔ اجلاس میں مختلف امور پر غور کیا گیا اور فیصلے کئے گئے۔

خبر کا بقیہ متن اس کالم میں جاری ہے۔ شہر کے مختلف علاقوں میں انتظامیہ کی جانب سے اقدامات کئے گئے، عوامی نمائندوں نے صورتحال کا جائزہ لیا اور متعلقہ اداروں کو ہدایات جاری کیں۔

حکام کے مطابق منصوبے پر کام تیزی سے جاری ہے اور جلد مکمل کر لیا جائے گا۔ اجلاس میں مختلف امور پر غور کیا گیا اور فیصلے کئے گئے۔

20بقیہ

خبر کا بقیہ متن اس کالم میں جاری ہے۔ شہر کے مختلف علاقوں میں انتظامیہ کی جانب سے اقدامات کئے گئے، عوامی نمائندوں نے صورتحال کا جائزہ لیا اور متعلقہ اداروں کو ہدایات جاری کیں۔

خبر کا بقیہ متن اس کالم میں جاری ہے۔ شہر کے مختلف علاقوں میں انتظامیہ کی جانب سے اقدامات کئے گئے، عوامی نمائندوں نے صورتحال کا جائزہ لیا اور متعلقہ اداروں کو ہدایات جاری کیں۔

حکام کے مطابق منصوبے پر کام تیزی سے جاری ہے اور جلد مکمل کر لیا جائے گا۔ اجلاس میں مختلف امور پر غور کیا گیا اور فیصلے کئے گئے۔

حکام کے مطابق منصوبے پر کام تیزی سے جاری ہے اور جلد مکمل کر لیا جائے گا۔ اجلاس میں مختلف امور پر غور کیا گیا اور فیصلے کئے گئے۔

21بقیہ

حکام کے مطابق منصوبے پر کام تیزی سے جاری ہے اور جلد مکمل کر لیا جائے گا۔ اجلاس میں مختلف امور پر غور کیا گیا اور فیصلے کئے گئے۔

خبر کا بقیہ متن اس کالم میں جاری ہے۔ شہر کے مختلف علاقوں میں انتظامیہ کی جانب سے اقدامات کئے گئے، عوامی نمائندوں نے صورتحال کا جائزہ لیا اور متعلقہ اداروں کو ہدایات جاری کیں۔

حکام کے مطابق منصوبے پر کام تیزی سے جاری ہے اور جلد مکمل کر لیا جائے گا۔ اجلاس میں مختلف امور پر غور کیا گیا اور فیصلے کئے گئے۔

22بقیہ

خبر کا بقیہ متن اس کالم میں جاری ہے۔ شہر کے مختلف علاقوں میں انتظامیہ کی جانب سے اقدامات کئے گئے، عوامی نمائندوں نے صورتحال کا جائزہ لیا اور متعلقہ اداروں کو ہدایات جاری کیں۔

حکام کے مطابق منصوبے پر کام تیزی سے جاری ہے اور جلد مکمل کر لیا جائے گا۔ اجلاس میں مختلف امور پر غور کیا گیا اور فیصلے کئے گئے۔

حکام کے مطابق منصوبے پر کام تیزی سے جاری ہے اور جلد مکمل کر لیا جائے گا۔ اجلاس میں مختلف امور پر غور کیا گیا اور فیصلے کئے گئے۔

23بقیہ

حکام کے مطابق منصوبے پر کام تیزی سے جاری ہے اور جلد مکمل کر لیا جائے گا۔ اجلاس میں مختلف امور پر غور کیا گیا اور فیصلے کئے گئے۔

خبر کا بقیہ متن اس کالم میں جاری ہے۔ شہر کے مختلف علاقوں میں انتظامیہ کی جانب سے اقدامات کئے گئے، عوامی نمائندوں نے صورتحال کا جائزہ لیا اور متعلقہ اداروں کو ہدایات جاری کیں۔

حکام کے مطابق منصوبے پر کام تیزی سے جاری ہے اور جلد مکمل کر لیا جائے گا۔ اجلاس میں مختلف امور پر غور کیا گیا اور فیصلے کئے گئے۔

24بقیہ

خبر کا بقیہ متن اس کالم میں جاری ہے۔ شہر کے مختلف علاقوں میں انتظامیہ کی جانب سے اقدامات کئے گئے، عوامی نمائندوں نے صورتحال کا جائزہ لیا اور متعلقہ اداروں کو ہدایات جاری کیں۔

حکام کے مطابق منصوبے پر کام تیزی سے جاری ہے اور جلد مکمل کر لیا جائے گا۔ اجلاس میں مختلف امور پر غور کیا گیا اور فیصلے کئے گئے۔

حکام کے مطابق منصوبے پر کام تیزی سے جاری ہے اور جلد مکمل کر لیا جائے گا۔ اجلاس میں مختلف امور پر غور کیا گیا اور فیصلے کئے گئے۔

25بقیہ

حکام کے مطابق منصوبے پر کام تیزی سے جاری ہے اور جلد مکمل کر لیا جائے گا۔ اجلاس میں مختلف امور پر غور کیا گیا اور فیصلے کئے گئے۔

خبر کا بقیہ متن اس کالم میں جاری ہے۔ شہر کے مختلف علاقوں میں انتظامیہ کی جانب سے اقدامات کئے گئے، عوامی نمائندوں نے صورتحال کا جائزہ لیا اور متعلقہ اداروں کو ہدایات جاری کیں۔

حکام کے مطابق منصوبے پر کام تیزی سے جاری ہے اور جلد مکمل کر لیا جائے گا۔ اجلاس میں مختلف امور پر غور کیا گیا اور فیصلے کئے گئے۔

26بقیہ

خبر کا بقیہ متن اس کالم میں جاری ہے۔ شہر کے مختلف علاقوں میں انتظامیہ کی جانب سے اقدامات کئے گئے، عوامی نمائندوں نے صورتحال کا جائزہ لیا اور متعلقہ اداروں کو ہدایات جاری کیں۔
